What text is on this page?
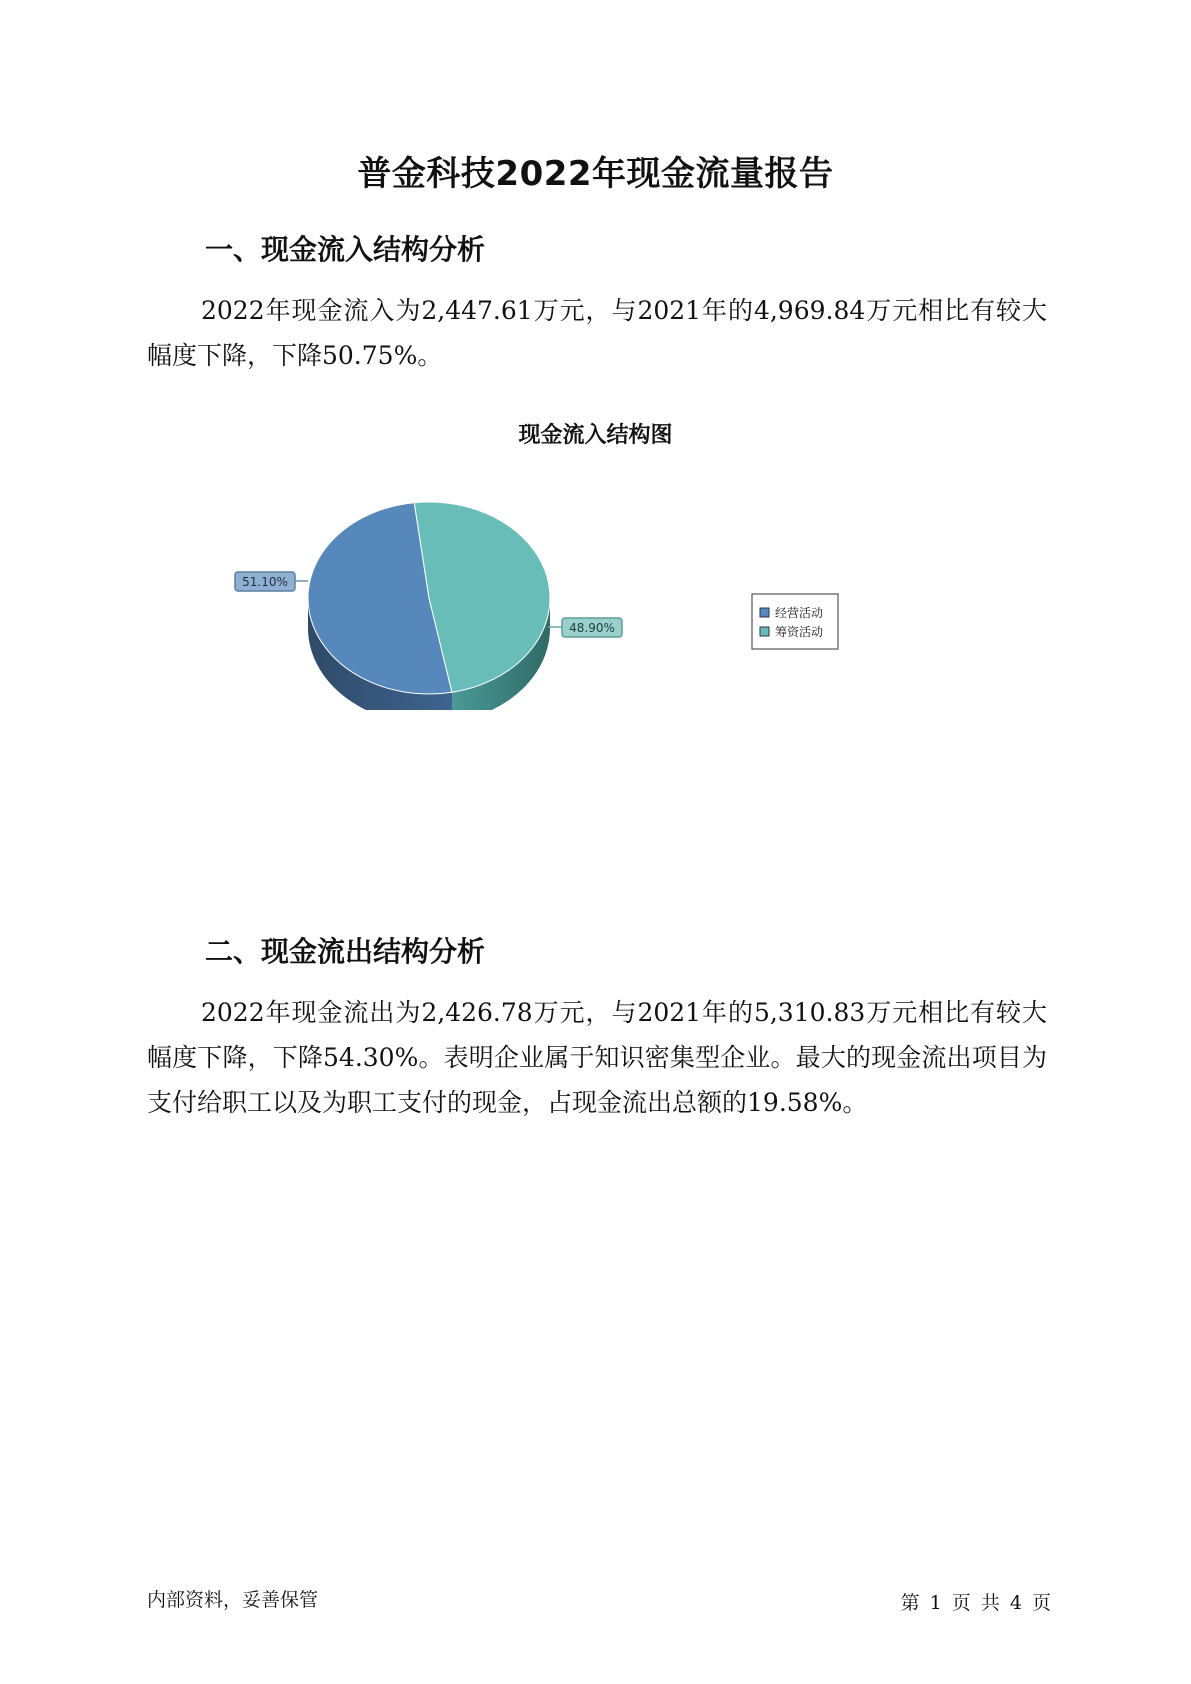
普金科技2022年现金流量报告
一、现金流入结构分析
2022年现金流入为2,447.61万元，与2021年的4,969.84万元相比有较大幅度下降，下降50.75%。
现金流入结构图
51.10%
48.90%
经营活动
筹资活动
二、现金流出结构分析
2022年现金流出为2,426.78万元，与2021年的5,310.83万元相比有较大幅度下降，下降54.30%。表明企业属于知识密集型企业。最大的现金流出项目为支付给职工以及为职工支付的现金，占现金流出总额的19.58%。
内部资料，妥善保管	第 1 页 共 4 页
